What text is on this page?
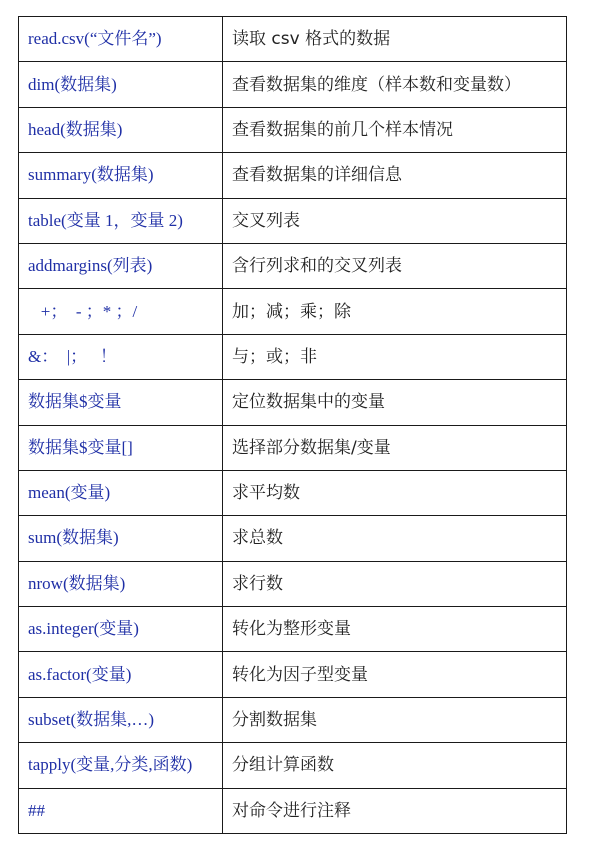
read.csv(“文件名”)	读取 csv 格式的数据
dim(数据集)	查看数据集的维度（样本数和变量数）
head(数据集)	查看数据集的前几个样本情况
summary(数据集)	查看数据集的详细信息
table(变量 1，变量 2)	交叉列表
addmargins(列表)	含行列求和的交叉列表
+；  - ；* ；/	加；减；乘；除
&：  |；   ！	与；或；非
数据集$变量	定位数据集中的变量
数据集$变量[]	选择部分数据集/变量
mean(变量)	求平均数
sum(数据集)	求总数
nrow(数据集)	求行数
as.integer(变量)	转化为整形变量
as.factor(变量)	转化为因子型变量
subset(数据集,…)	分割数据集
tapply(变量,分类,函数)	分组计算函数
##	对命令进行注释
